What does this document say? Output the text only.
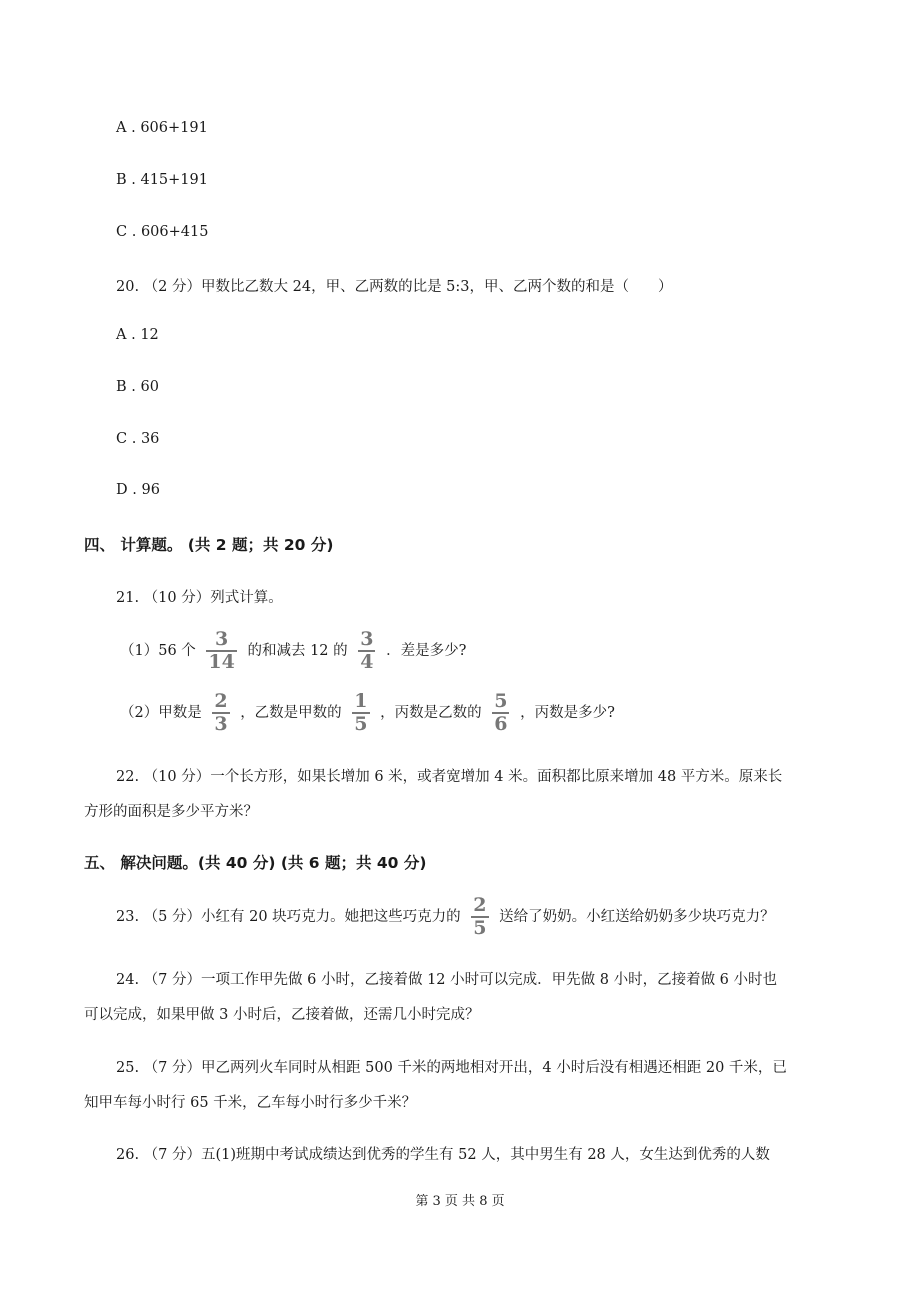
A . 606+191
B . 415+191
C . 606+415
20. （2 分）甲数比乙数大 24，甲、乙两数的比是 5:3，甲、乙两个数的和是（　　）
A . 12
B . 60
C . 36
D . 96
四、 计算题。 (共 2 题；共 20 分)
21. （10 分）列式计算。
（1）56 个 $\frac{3}{14}$ 的和减去 12 的 $\frac{3}{4}$ ．差是多少?
（2）甲数是 $\frac{2}{3}$ ，乙数是甲数的 $\frac{1}{5}$ ，丙数是乙数的 $\frac{5}{6}$ ，丙数是多少?
22. （10 分）一个长方形，如果长增加 6 米，或者宽增加 4 米。面积都比原来增加 48 平方米。原来长
方形的面积是多少平方米？
五、 解决问题。(共 40 分) (共 6 题；共 40 分)
23. （5 分）小红有 20 块巧克力。她把这些巧克力的 $\frac{2}{5}$ 送给了奶奶。小红送给奶奶多少块巧克力？
24. （7 分）一项工作甲先做 6 小时，乙接着做 12 小时可以完成．甲先做 8 小时，乙接着做 6 小时也
可以完成，如果甲做 3 小时后，乙接着做，还需几小时完成？
25. （7 分）甲乙两列火车同时从相距 500 千米的两地相对开出，4 小时后没有相遇还相距 20 千米，已
知甲车每小时行 65 千米，乙车每小时行多少千米？
26. （7 分）五(1)班期中考试成绩达到优秀的学生有 52 人，其中男生有 28 人，女生达到优秀的人数
第 3 页 共 8 页
